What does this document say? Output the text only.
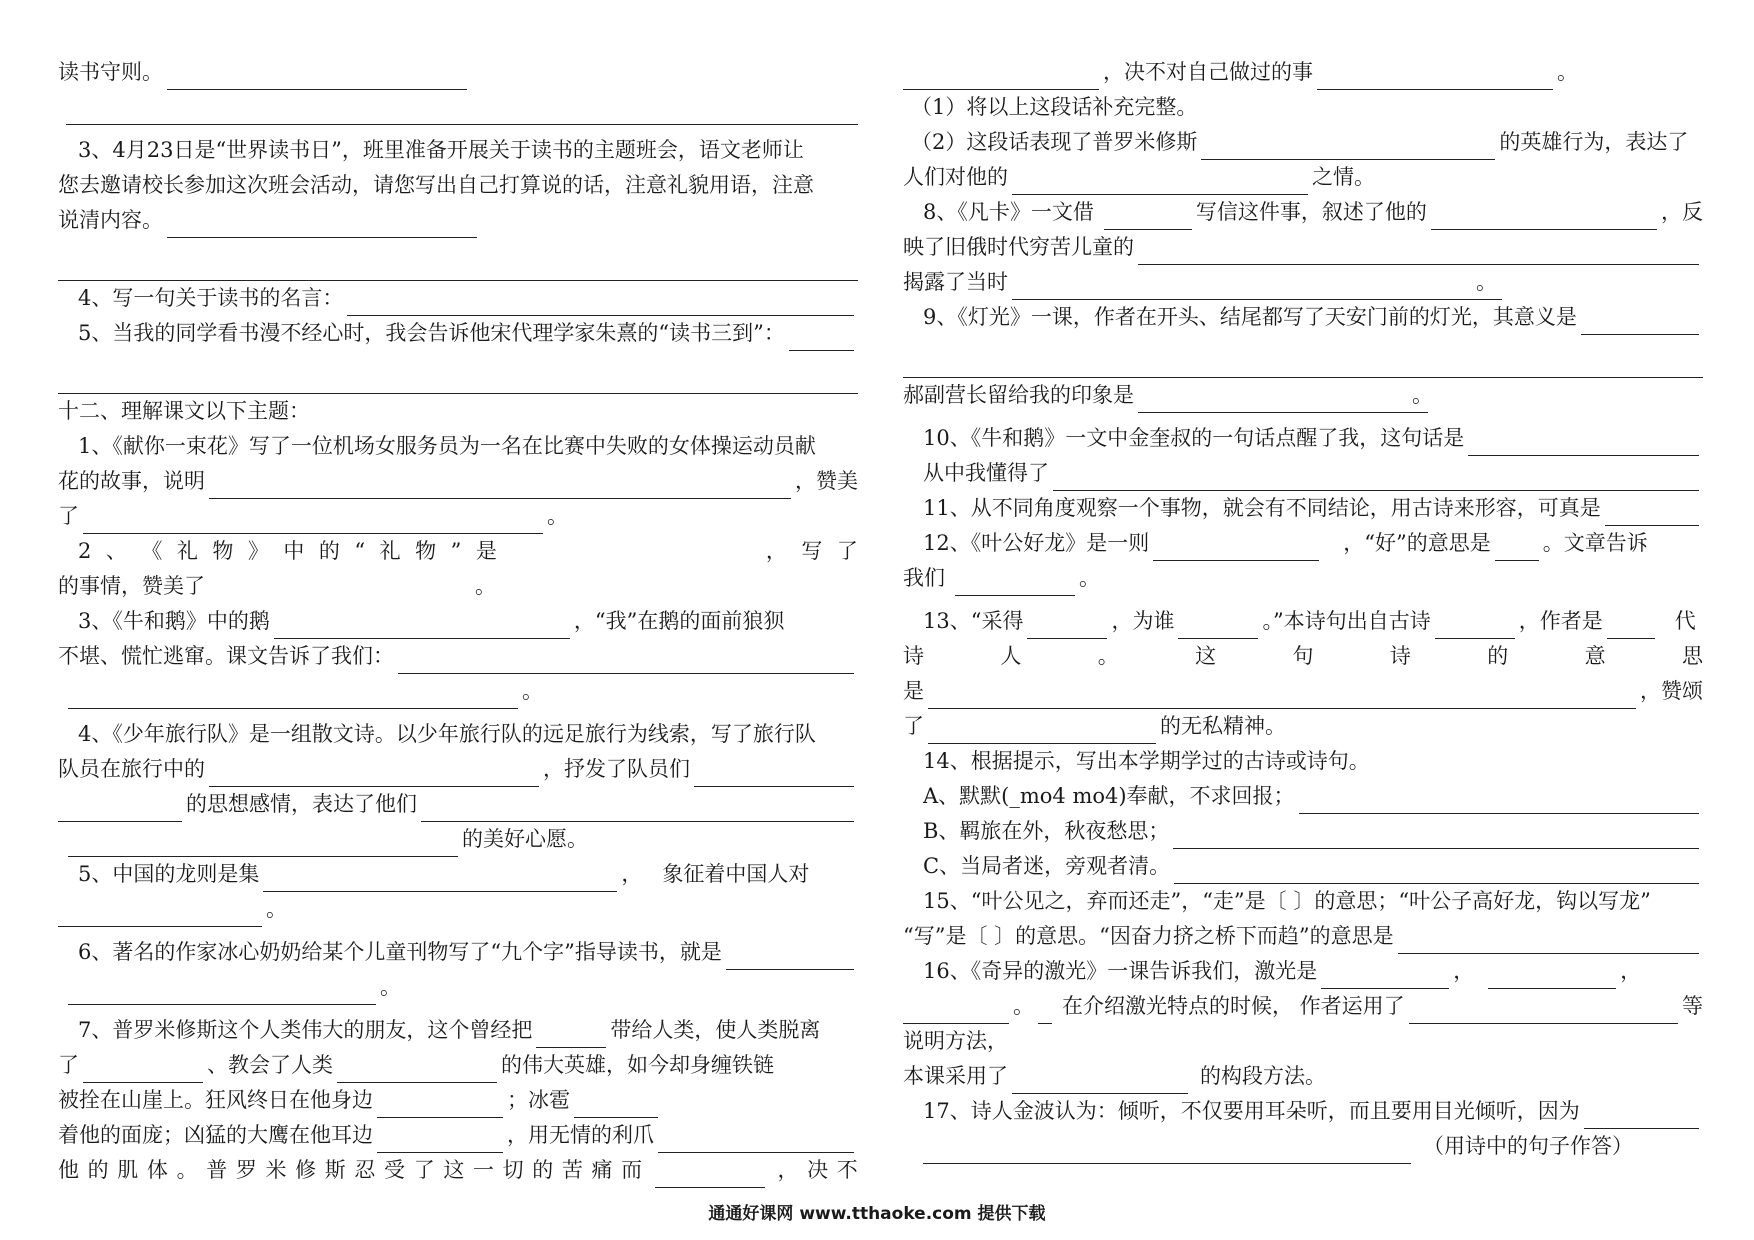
读书守则。
3、4月23日是“世界读书日”，班里准备开展关于读书的主题班会，语文老师让
您去邀请校长参加这次班会活动，请您写出自己打算说的话，注意礼貌用语，注意
说清内容。
4、写一句关于读书的名言：
5、当我的同学看书漫不经心时，我会告诉他宋代理学家朱熹的“读书三到”：
十二、理解课文以下主题：
1、《献你一束花》写了一位机场女服务员为一名在比赛中失败的女体操运动员献
花的故事，说明	，赞美
了	。
2 、 《 礼 物 》 中 的 “ 礼 物 ” 是	， 写 了
的事情，赞美了	。
3、《牛和鹅》中的鹅	，“我”在鹅的面前狼狈
不堪、慌忙逃窜。课文告诉了我们：
。
4、《少年旅行队》是一组散文诗。以少年旅行队的远足旅行为线索，写了旅行队
队员在旅行中的	，抒发了队员们
的思想感情，表达了他们
的美好心愿。
5、中国的龙则是集	， 象征着中国人对
。
6、著名的作家冰心奶奶给某个儿童刊物写了“九个字”指导读书，就是
。
7、普罗米修斯这个人类伟大的朋友，这个曾经把	带给人类，使人类脱离
了	、教会了人类	的伟大英雄，如今却身缠铁链
被拴在山崖上。狂风终日在他身边	；冰雹
着他的面庞；凶猛的大鹰在他耳边	，用无情的利爪
他 的 肌 体 。 普 罗 米 修 斯 忍 受 了 这 一 切 的 苦 痛 而	， 决 不
，决不对自己做过的事	。
（1）将以上这段话补充完整。
（2）这段话表现了普罗米修斯	的英雄行为，表达了
人们对他的	之情。
8、《凡卡》一文借	写信这件事，叙述了他的	，反
映了旧俄时代穷苦儿童的
揭露了当时	。
9、《灯光》一课，作者在开头、结尾都写了天安门前的灯光，其意义是
郝副营长留给我的印象是	。
10、《牛和鹅》一文中金奎叔的一句话点醒了我，这句话是
从中我懂得了
11、从不同角度观察一个事物，就会有不同结论，用古诗来形容，可真是
12、《叶公好龙》是一则	，“好”的意思是 。文章告诉
我们	。
13、“采得	，为谁	。”本诗句出自古诗	，作者是	代
诗	人	。	这	句	诗	的	意	思
是	，赞颂
了	的无私精神。
14、根据提示，写出本学期学过的古诗或诗句。
A、默默(_mo4 mo4)奉献，不求回报；
B、羁旅在外，秋夜愁思；
C、当局者迷，旁观者清。
15、“叶公见之，弃而还走”，“走”是〔 〕的意思；“叶公子高好龙，钩以写龙”
“写”是〔 〕的意思。“因奋力挤之桥下而趋”的意思是
16、《奇异的激光》一课告诉我们，激光是	，	，
。 在介绍激光特点的时候， 作者运用了	等
说明方法，
本课采用了	的构段方法。
17、诗人金波认为：倾听，不仅要用耳朵听，而且要用目光倾听，因为
（用诗中的句子作答）
通通好课网 www.tthaoke.com 提供下载
